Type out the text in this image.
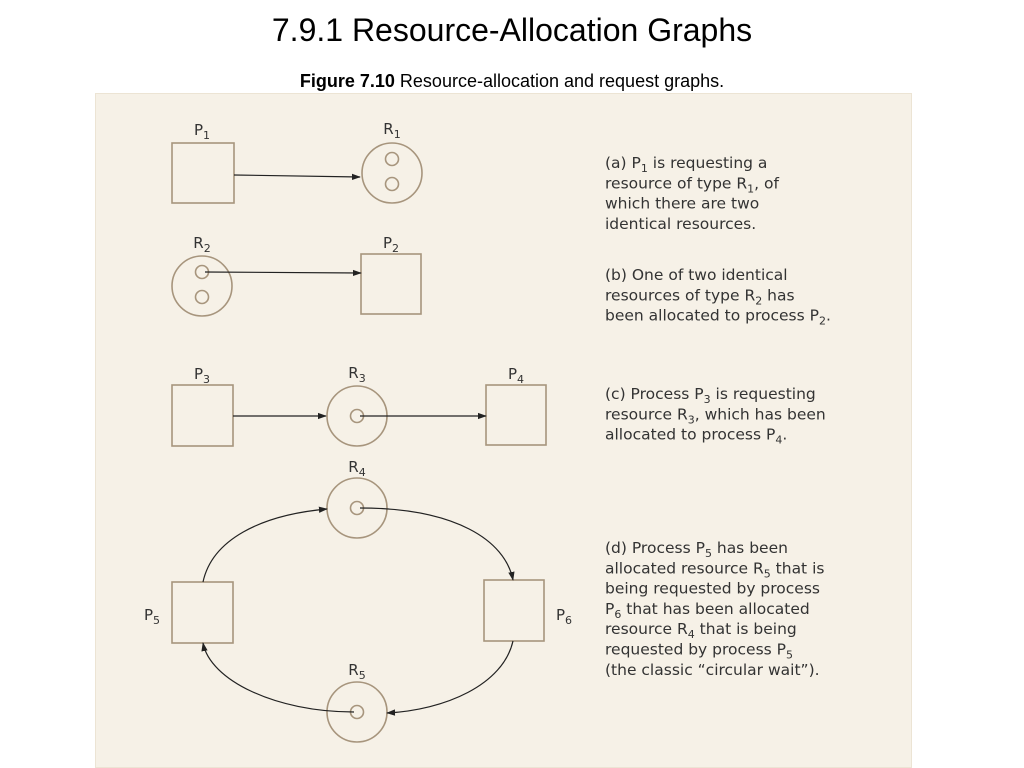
7.9.1 Resource-Allocation Graphs
Figure 7.10 Resource-allocation and request graphs.
$P_1$	$R_1$
$R_2$	$P_2$
$P_3$	$R_3$	$P_4$
$R_4$
$P_5$	$P_6$
$R_5$
(a) $P_1$ is requesting a
resource of type $R_1$, of
which there are two
identical resources.
(b) One of two identical
resources of type $R_2$ has
been allocated to process $P_2$.
(c) Process $P_3$ is requesting
resource $R_3$, which has been
allocated to process $P_4$.
(d) Process $P_5$ has been
allocated resource $R_5$ that is
being requested by process
$P_6$ that has been allocated
resource $R_4$ that is being
requested by process $P_5$
(the classic “circular wait”).
